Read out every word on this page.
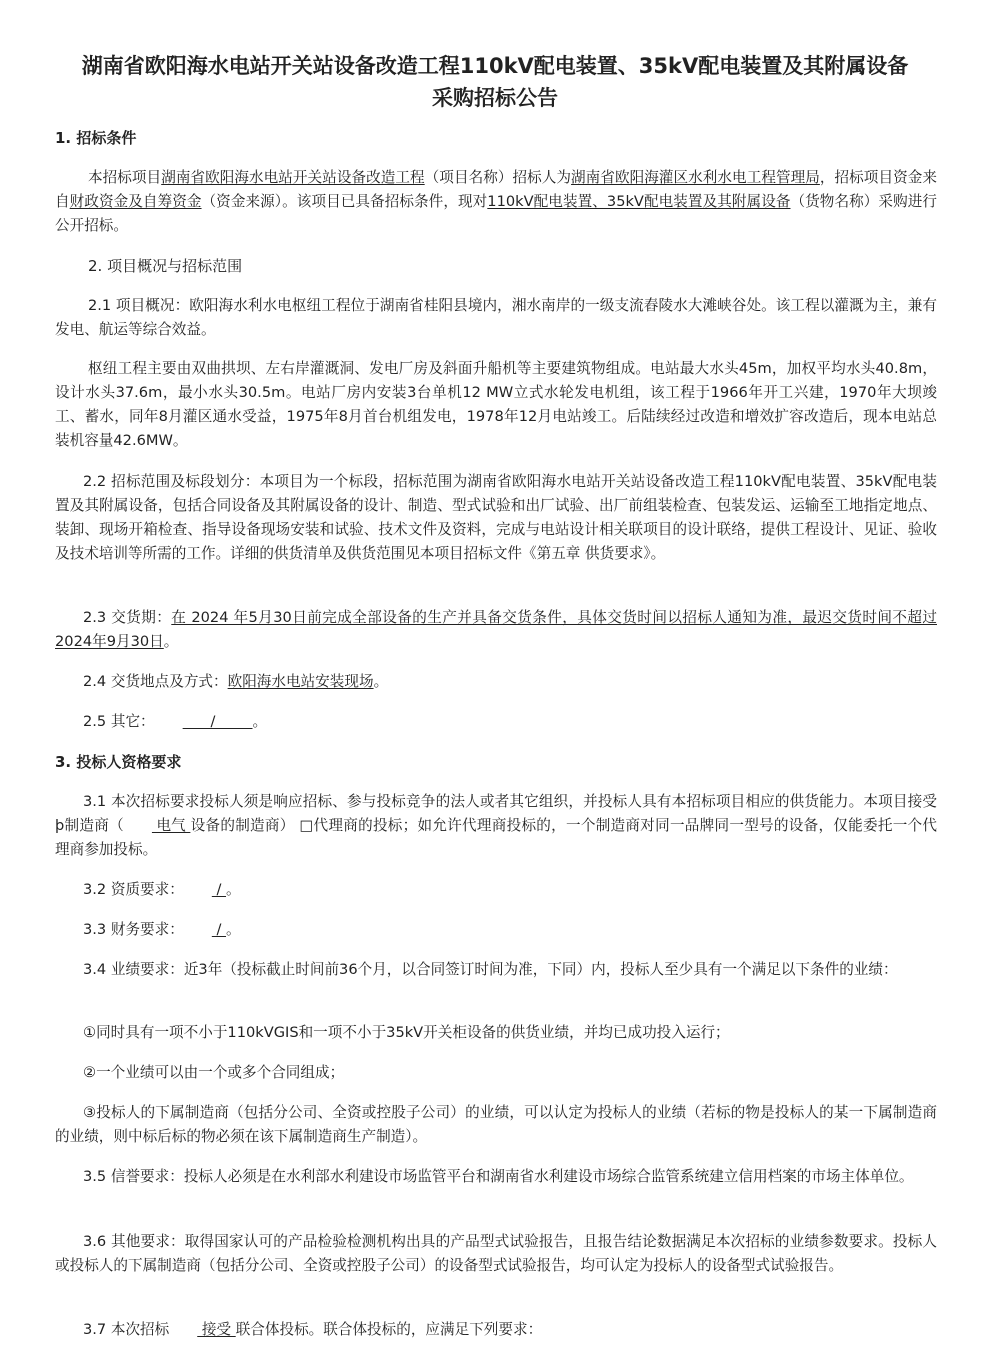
湖南省欧阳海水电站开关站设备改造工程110kV配电装置、35kV配电装置及其附属设备
采购招标公告
1. 招标条件
本招标项目湖南省欧阳海水电站开关站设备改造工程（项目名称）招标人为湖南省欧阳海灌区水利水电工程管理局，招标项目资金来自财政资金及自筹资金（资金来源）。该项目已具备招标条件，现对110kV配电装置、35kV配电装置及其附属设备（货物名称）采购进行公开招标。
2. 项目概况与招标范围
2.1 项目概况：欧阳海水利水电枢纽工程位于湖南省桂阳县境内，湘水南岸的一级支流舂陵水大滩峡谷处。该工程以灌溉为主，兼有发电、航运等综合效益。
枢纽工程主要由双曲拱坝、左右岸灌溉洞、发电厂房及斜面升船机等主要建筑物组成。电站最大水头45m，加权平均水头40.8m，设计水头37.6m，最小水头30.5m。电站厂房内安装3台单机12 MW立式水轮发电机组，该工程于1966年开工兴建，1970年大坝竣工、蓄水，同年8月灌区通水受益，1975年8月首台机组发电，1978年12月电站竣工。后陆续经过改造和增效扩容改造后，现本电站总装机容量42.6MW。
2.2 招标范围及标段划分：本项目为一个标段，招标范围为湖南省欧阳海水电站开关站设备改造工程110kV配电装置、35kV配电装置及其附属设备，包括合同设备及其附属设备的设计、制造、型式试验和出厂试验、出厂前组装检查、包装发运、运输至工地指定地点、装卸、现场开箱检查、指导设备现场安装和试验、技术文件及资料，完成与电站设计相关联项目的设计联络，提供工程设计、见证、验收及技术培训等所需的工作。详细的供货清单及供货范围见本项目招标文件《第五章 供货要求》。
2.3 交货期：在 2024 年5月30日前完成全部设备的生产并具备交货条件，具体交货时间以招标人通知为准，最迟交货时间不超过2024年9月30日。
2.4 交货地点及方式：欧阳海水电站安装现场。
2.5 其它：      /        。
3. 投标人资格要求
3.1 本次招标要求投标人须是响应招标、参与投标竞争的法人或者其它组织，并投标人具有本招标项目相应的供货能力。本项目接受þ制造商（ 电气 设备的制造商） □代理商的投标；如允许代理商投标的，一个制造商对同一品牌同一型号的设备，仅能委托一个代理商参加投标。
3.2 资质要求： / 。
3.3 财务要求： / 。
3.4 业绩要求：近3年（投标截止时间前36个月，以合同签订时间为准，下同）内，投标人至少具有一个满足以下条件的业绩：
①同时具有一项不小于110kVGIS和一项不小于35kV开关柜设备的供货业绩，并均已成功投入运行；
②一个业绩可以由一个或多个合同组成；
③投标人的下属制造商（包括分公司、全资或控股子公司）的业绩，可以认定为投标人的业绩（若标的物是投标人的某一下属制造商的业绩，则中标后标的物必须在该下属制造商生产制造）。
3.5 信誉要求：投标人必须是在水利部水利建设市场监管平台和湖南省水利建设市场综合监管系统建立信用档案的市场主体单位。
3.6 其他要求：取得国家认可的产品检验检测机构出具的产品型式试验报告，且报告结论数据满足本次招标的业绩参数要求。投标人或投标人的下属制造商（包括分公司、全资或控股子公司）的设备型式试验报告，均可认定为投标人的设备型式试验报告。
3.7 本次招标 接受 联合体投标。联合体投标的，应满足下列要求：
